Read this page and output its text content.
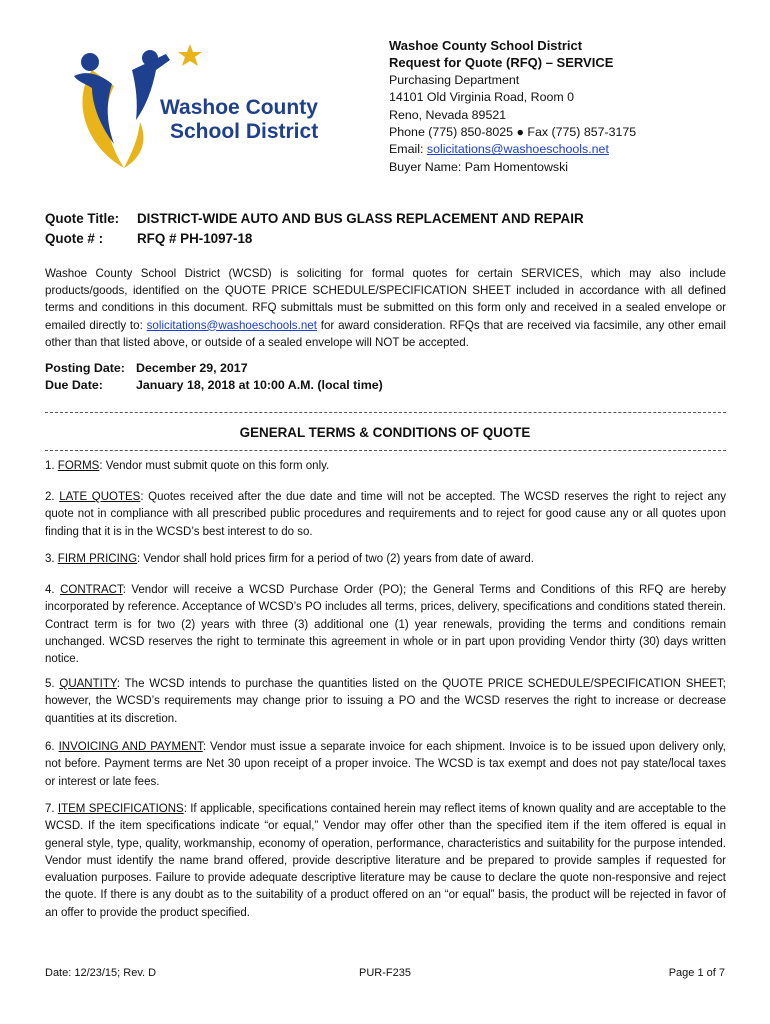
Washoe County
School District
Washoe County School District
Request for Quote (RFQ) – SERVICE
Purchasing Department
14101 Old Virginia Road, Room 0
Reno, Nevada 89521
Phone (775) 850-8025 ● Fax (775) 857-3175
Email: solicitations@washoeschools.net
Buyer Name: Pam Homentowski
Quote Title: DISTRICT-WIDE AUTO AND BUS GLASS REPLACEMENT AND REPAIR
Quote # :	RFQ # PH-1097-18
Washoe County School District (WCSD) is soliciting for formal quotes for certain SERVICES, which may also include products/goods, identified on the QUOTE PRICE SCHEDULE/SPECIFICATION SHEET included in accordance with all defined terms and conditions in this document. RFQ submittals must be submitted on this form only and received in a sealed envelope or emailed directly to: solicitations@washoeschools.net for award consideration. RFQs that are received via facsimile, any other email other than that listed above, or outside of a sealed envelope will NOT be accepted.
Posting Date: December 29, 2017
Due Date:	January 18, 2018 at 10:00 A.M. (local time)
GENERAL TERMS & CONDITIONS OF QUOTE
1. FORMS: Vendor must submit quote on this form only.
2. LATE QUOTES: Quotes received after the due date and time will not be accepted. The WCSD reserves the right to reject any quote not in compliance with all prescribed public procedures and requirements and to reject for good cause any or all quotes upon finding that it is in the WCSD’s best interest to do so.
3. FIRM PRICING: Vendor shall hold prices firm for a period of two (2) years from date of award.
4. CONTRACT: Vendor will receive a WCSD Purchase Order (PO); the General Terms and Conditions of this RFQ are hereby incorporated by reference. Acceptance of WCSD’s PO includes all terms, prices, delivery, specifications and conditions stated therein. Contract term is for two (2) years with three (3) additional one (1) year renewals, providing the terms and conditions remain unchanged. WCSD reserves the right to terminate this agreement in whole or in part upon providing Vendor thirty (30) days written notice.
5. QUANTITY: The WCSD intends to purchase the quantities listed on the QUOTE PRICE SCHEDULE/SPECIFICATION SHEET; however, the WCSD’s requirements may change prior to issuing a PO and the WCSD reserves the right to increase or decrease quantities at its discretion.
6. INVOICING AND PAYMENT: Vendor must issue a separate invoice for each shipment. Invoice is to be issued upon delivery only, not before. Payment terms are Net 30 upon receipt of a proper invoice. The WCSD is tax exempt and does not pay state/local taxes or interest or late fees.
7. ITEM SPECIFICATIONS: If applicable, specifications contained herein may reflect items of known quality and are acceptable to the WCSD. If the item specifications indicate “or equal,” Vendor may offer other than the specified item if the item offered is equal in general style, type, quality, workmanship, economy of operation, performance, characteristics and suitability for the purpose intended. Vendor must identify the name brand offered, provide descriptive literature and be prepared to provide samples if requested for evaluation purposes. Failure to provide adequate descriptive literature may be cause to declare the quote non-responsive and reject the quote. If there is any doubt as to the suitability of a product offered on an “or equal” basis, the product will be rejected in favor of an offer to provide the product specified.
Date: 12/23/15; Rev. D	PUR-F235	Page 1 of 7
